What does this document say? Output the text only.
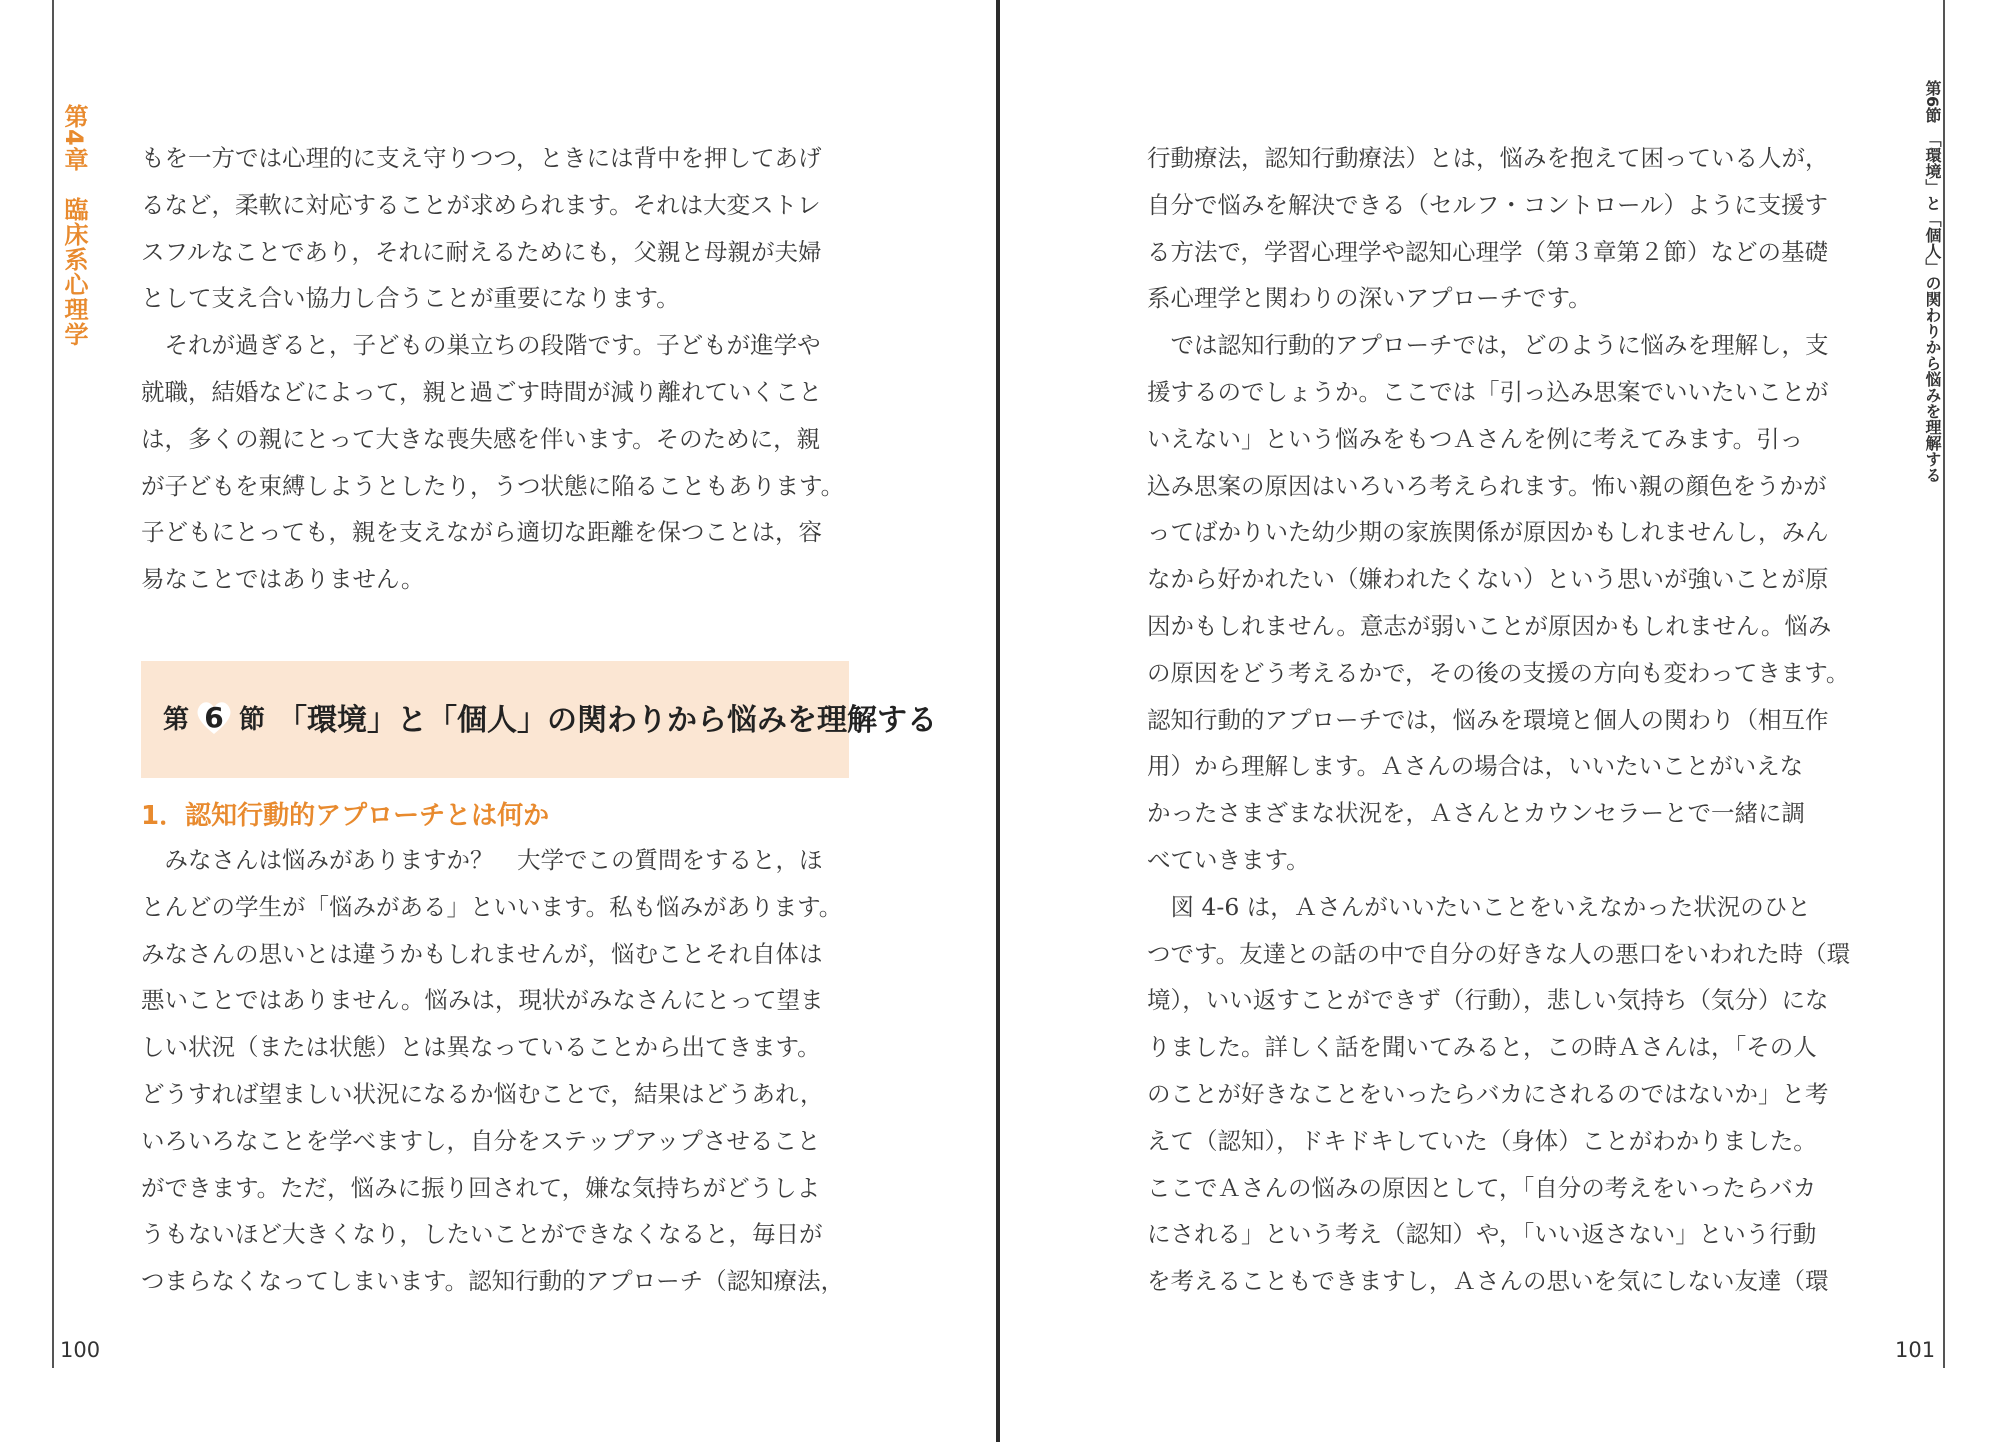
第4章　臨床系心理学 もを一方では心理的に支え守りつつ，ときには背中を押してあげ
るなど，柔軟に対応することが求められます。それは大変ストレ
スフルなことであり，それに耐えるためにも，父親と母親が夫婦
として支え合い協力し合うことが重要になります。
　それが過ぎると，子どもの巣立ちの段階です。子どもが進学や
就職，結婚などによって，親と過ごす時間が減り離れていくこと
は，多くの親にとって大きな喪失感を伴います。そのために，親
が子どもを束縛しようとしたり，うつ状態に陥ることもあります。
子どもにとっても，親を支えながら適切な距離を保つことは，容
易なことではありません。
第 6 節 「環境」と「個人」の関わりから悩みを理解する
1．認知行動的アプローチとは何か
　みなさんは悩みがありますか？　大学でこの質問をすると，ほ
とんどの学生が「悩みがある」といいます。私も悩みがあります。
みなさんの思いとは違うかもしれませんが，悩むことそれ自体は
悪いことではありません。悩みは，現状がみなさんにとって望ま
しい状況（または状態）とは異なっていることから出てきます。
どうすれば望ましい状況になるか悩むことで，結果はどうあれ，
いろいろなことを学べますし，自分をステップアップさせること
ができます。ただ，悩みに振り回されて，嫌な気持ちがどうしよ
うもないほど大きくなり，したいことができなくなると，毎日が
つまらなくなってしまいます。認知行動的アプローチ（認知療法，
100
第6節　「環境」と「個人」の関わりから悩みを理解する
行動療法，認知行動療法）とは，悩みを抱えて困っている人が，
自分で悩みを解決できる（セルフ・コントロール）ように支援す
る方法で，学習心理学や認知心理学（第３章第２節）などの基礎
系心理学と関わりの深いアプローチです。
　では認知行動的アプローチでは，どのように悩みを理解し，支
援するのでしょうか。ここでは「引っ込み思案でいいたいことが
いえない」という悩みをもつＡさんを例に考えてみます。引っ
込み思案の原因はいろいろ考えられます。怖い親の顔色をうかが
ってばかりいた幼少期の家族関係が原因かもしれませんし，みん
なから好かれたい（嫌われたくない）という思いが強いことが原
因かもしれません。意志が弱いことが原因かもしれません。悩み
の原因をどう考えるかで，その後の支援の方向も変わってきます。
認知行動的アプローチでは，悩みを環境と個人の関わり（相互作
用）から理解します。Ａさんの場合は，いいたいことがいえな
かったさまざまな状況を，Ａさんとカウンセラーとで一緒に調
べていきます。
　図 4-6 は，Ａさんがいいたいことをいえなかった状況のひと
つです。友達との話の中で自分の好きな人の悪口をいわれた時（環
境），いい返すことができず（行動），悲しい気持ち（気分）にな
りました。詳しく話を聞いてみると，この時Ａさんは，「その人
のことが好きなことをいったらバカにされるのではないか」と考
えて（認知），ドキドキしていた（身体）ことがわかりました。
ここでＡさんの悩みの原因として，「自分の考えをいったらバカ
にされる」という考え（認知）や，「いい返さない」という行動
を考えることもできますし，Ａさんの思いを気にしない友達（環
101
